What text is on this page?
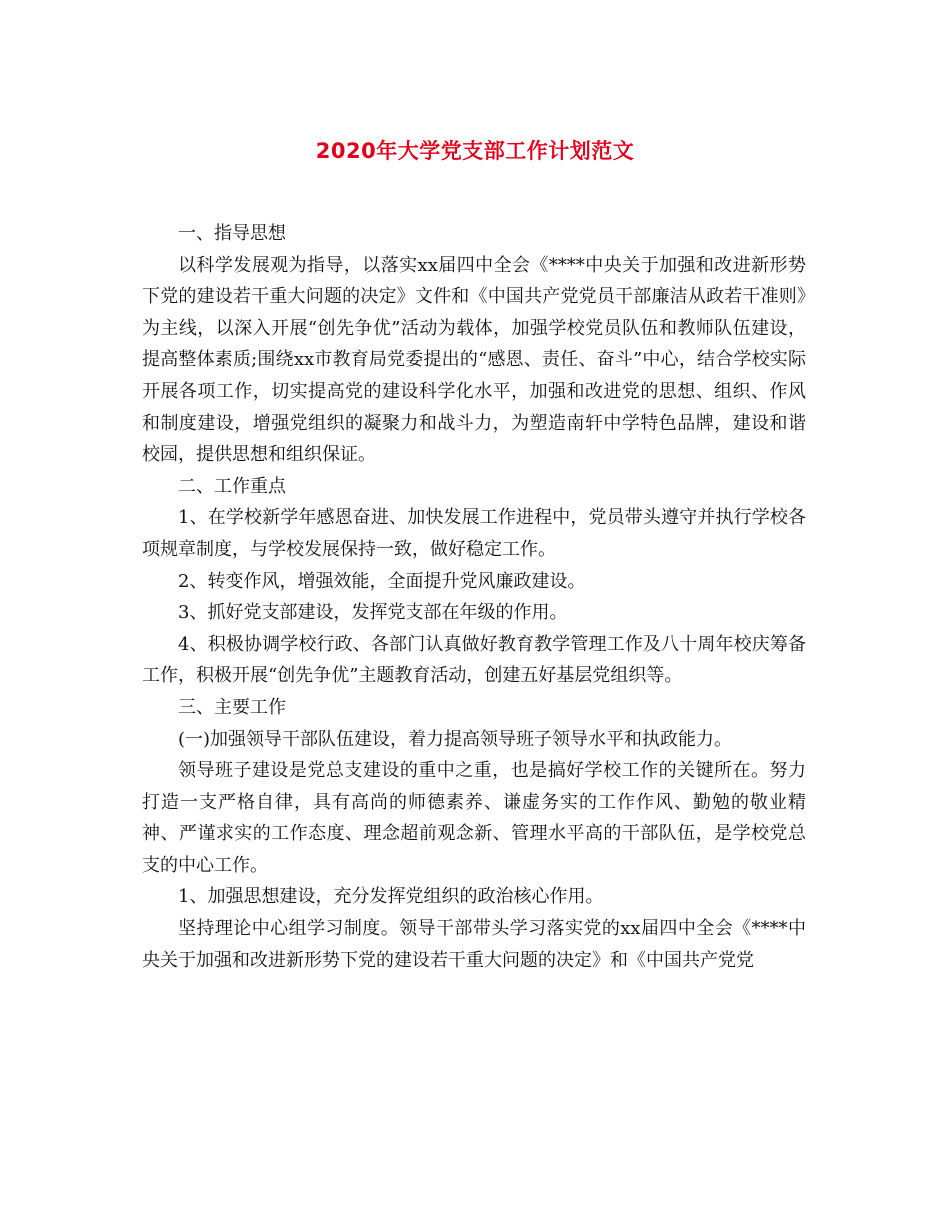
2020年大学党支部工作计划范文

一、指导思想

以科学发展观为指导，以落实xx届四中全会《****中央关于加强和改进新形势下党的建设若干重大问题的决定》文件和《中国共产党党员干部廉洁从政若干准则》为主线，以深入开展“创先争优”活动为载体，加强学校党员队伍和教师队伍建设，提高整体素质;围绕xx市教育局党委提出的“感恩、责任、奋斗”中心，结合学校实际开展各项工作，切实提高党的建设科学化水平，加强和改进党的思想、组织、作风和制度建设，增强党组织的凝聚力和战斗力，为塑造南轩中学特色品牌，建设和谐校园，提供思想和组织保证。

二、工作重点

1、在学校新学年感恩奋进、加快发展工作进程中，党员带头遵守并执行学校各项规章制度，与学校发展保持一致，做好稳定工作。

2、转变作风，增强效能，全面提升党风廉政建设。

3、抓好党支部建设，发挥党支部在年级的作用。

4、积极协调学校行政、各部门认真做好教育教学管理工作及八十周年校庆筹备工作，积极开展“创先争优”主题教育活动，创建五好基层党组织等。

三、主要工作

(一)加强领导干部队伍建设，着力提高领导班子领导水平和执政能力。

领导班子建设是党总支建设的重中之重，也是搞好学校工作的关键所在。努力打造一支严格自律，具有高尚的师德素养、谦虚务实的工作作风、勤勉的敬业精神、严谨求实的工作态度、理念超前观念新、管理水平高的干部队伍，是学校党总支的中心工作。

1、加强思想建设，充分发挥党组织的政治核心作用。

坚持理论中心组学习制度。领导干部带头学习落实党的xx届四中全会《****中央关于加强和改进新形势下党的建设若干重大问题的决定》和《中国共产党党
